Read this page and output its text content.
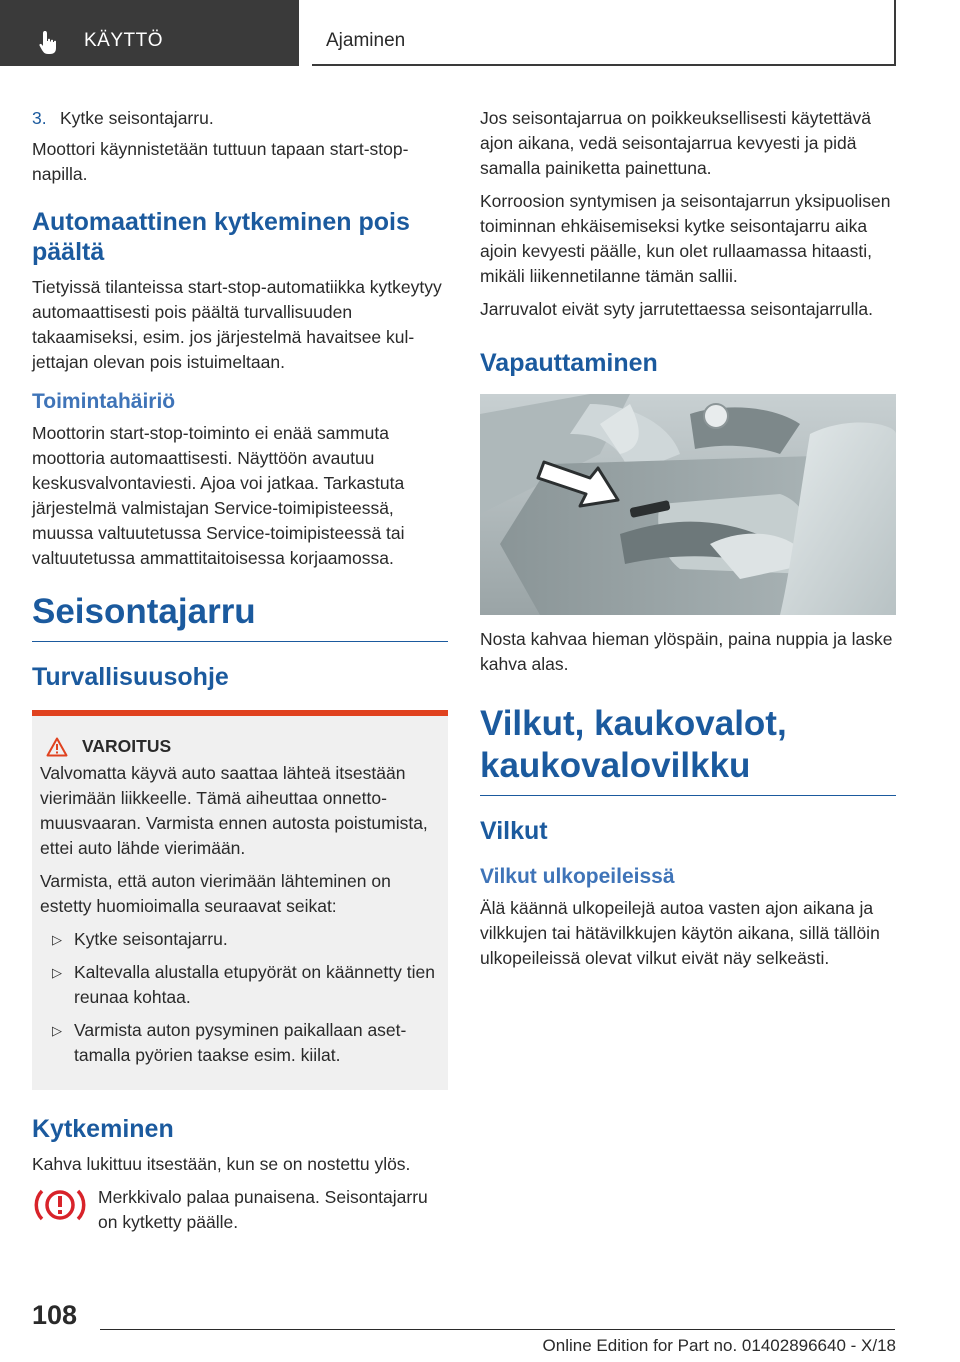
KÄYTTÖ	Ajaminen
3. Kytke seisontajarru.

Moottori käynnistetään tuttuun tapaan start-stop-napilla.

Automaattinen kytkeminen pois päältä

Tietyissä tilanteissa start-stop-automatiikka kytkeytyy automaattisesti pois päältä turvallisuuden takaamiseksi, esim. jos järjestelmä havaitsee kuljettajan olevan pois istuimeltaan.

Toimintahäiriö

Moottorin start-stop-toiminto ei enää sammuta moottoria automaattisesti. Näyttöön avautuu keskusvalvontaviesti. Ajoa voi jatkaa. Tarkastuta järjestelmä valmistajan Service-toimipisteessä, muussa valtuutetussa Service-toimipisteessä tai valtuutetussa ammattitaitoisessa korjaamossa.

Seisontajarru
Turvallisuusohje
VAROITUS

Valvomatta käyvä auto saattaa lähteä itsestään vierimään liikkeelle. Tämä aiheuttaa onnettomuusvaaran. Varmista ennen autosta poistumista, ettei auto lähde vierimään.

Varmista, että auton vierimään lähteminen on estetty huomioimalla seuraavat seikat:

▷ Kytke seisontajarru.
▷ Kaltevalla alustalla etupyörät on käännetty tien reunaa kohtaa.
▷ Varmista auton pysyminen paikallaan asettamalla pyörien taakse esim. kiilat.
Kytkeminen

Kahva lukittuu itsestään, kun se on nostettu ylös.

Merkkivalo palaa punaisena. Seisontajarru on kytketty päälle.

Jos seisontajarrua on poikkeuksellisesti käytettävä ajon aikana, vedä seisontajarrua kevyesti ja pidä samalla painiketta painettuna.

Korroosion syntymisen ja seisontajarrun yksipuolisen toiminnan ehkäisemiseksi kytke seisontajarru aika ajoin kevyesti päälle, kun olet rullaamassa hitaasti, mikäli liikennetilanne tämän sallii.

Jarruvalot eivät syty jarrutettaessa seisontajarrulla.

Vapauttaminen

Nosta kahvaa hieman ylöspäin, paina nuppia ja laske kahva alas.

Vilkut, kaukovalot, kaukovalovilkku
Vilkut
Vilkut ulkopeileissä

Älä käännä ulkopeilejä autoa vasten ajon aikana ja vilkkujen tai hätävilkkujen käytön aikana, sillä tällöin ulkopeileissä olevat vilkut eivät näy selkeästi.

108
Online Edition for Part no. 01402896640 - X/18
